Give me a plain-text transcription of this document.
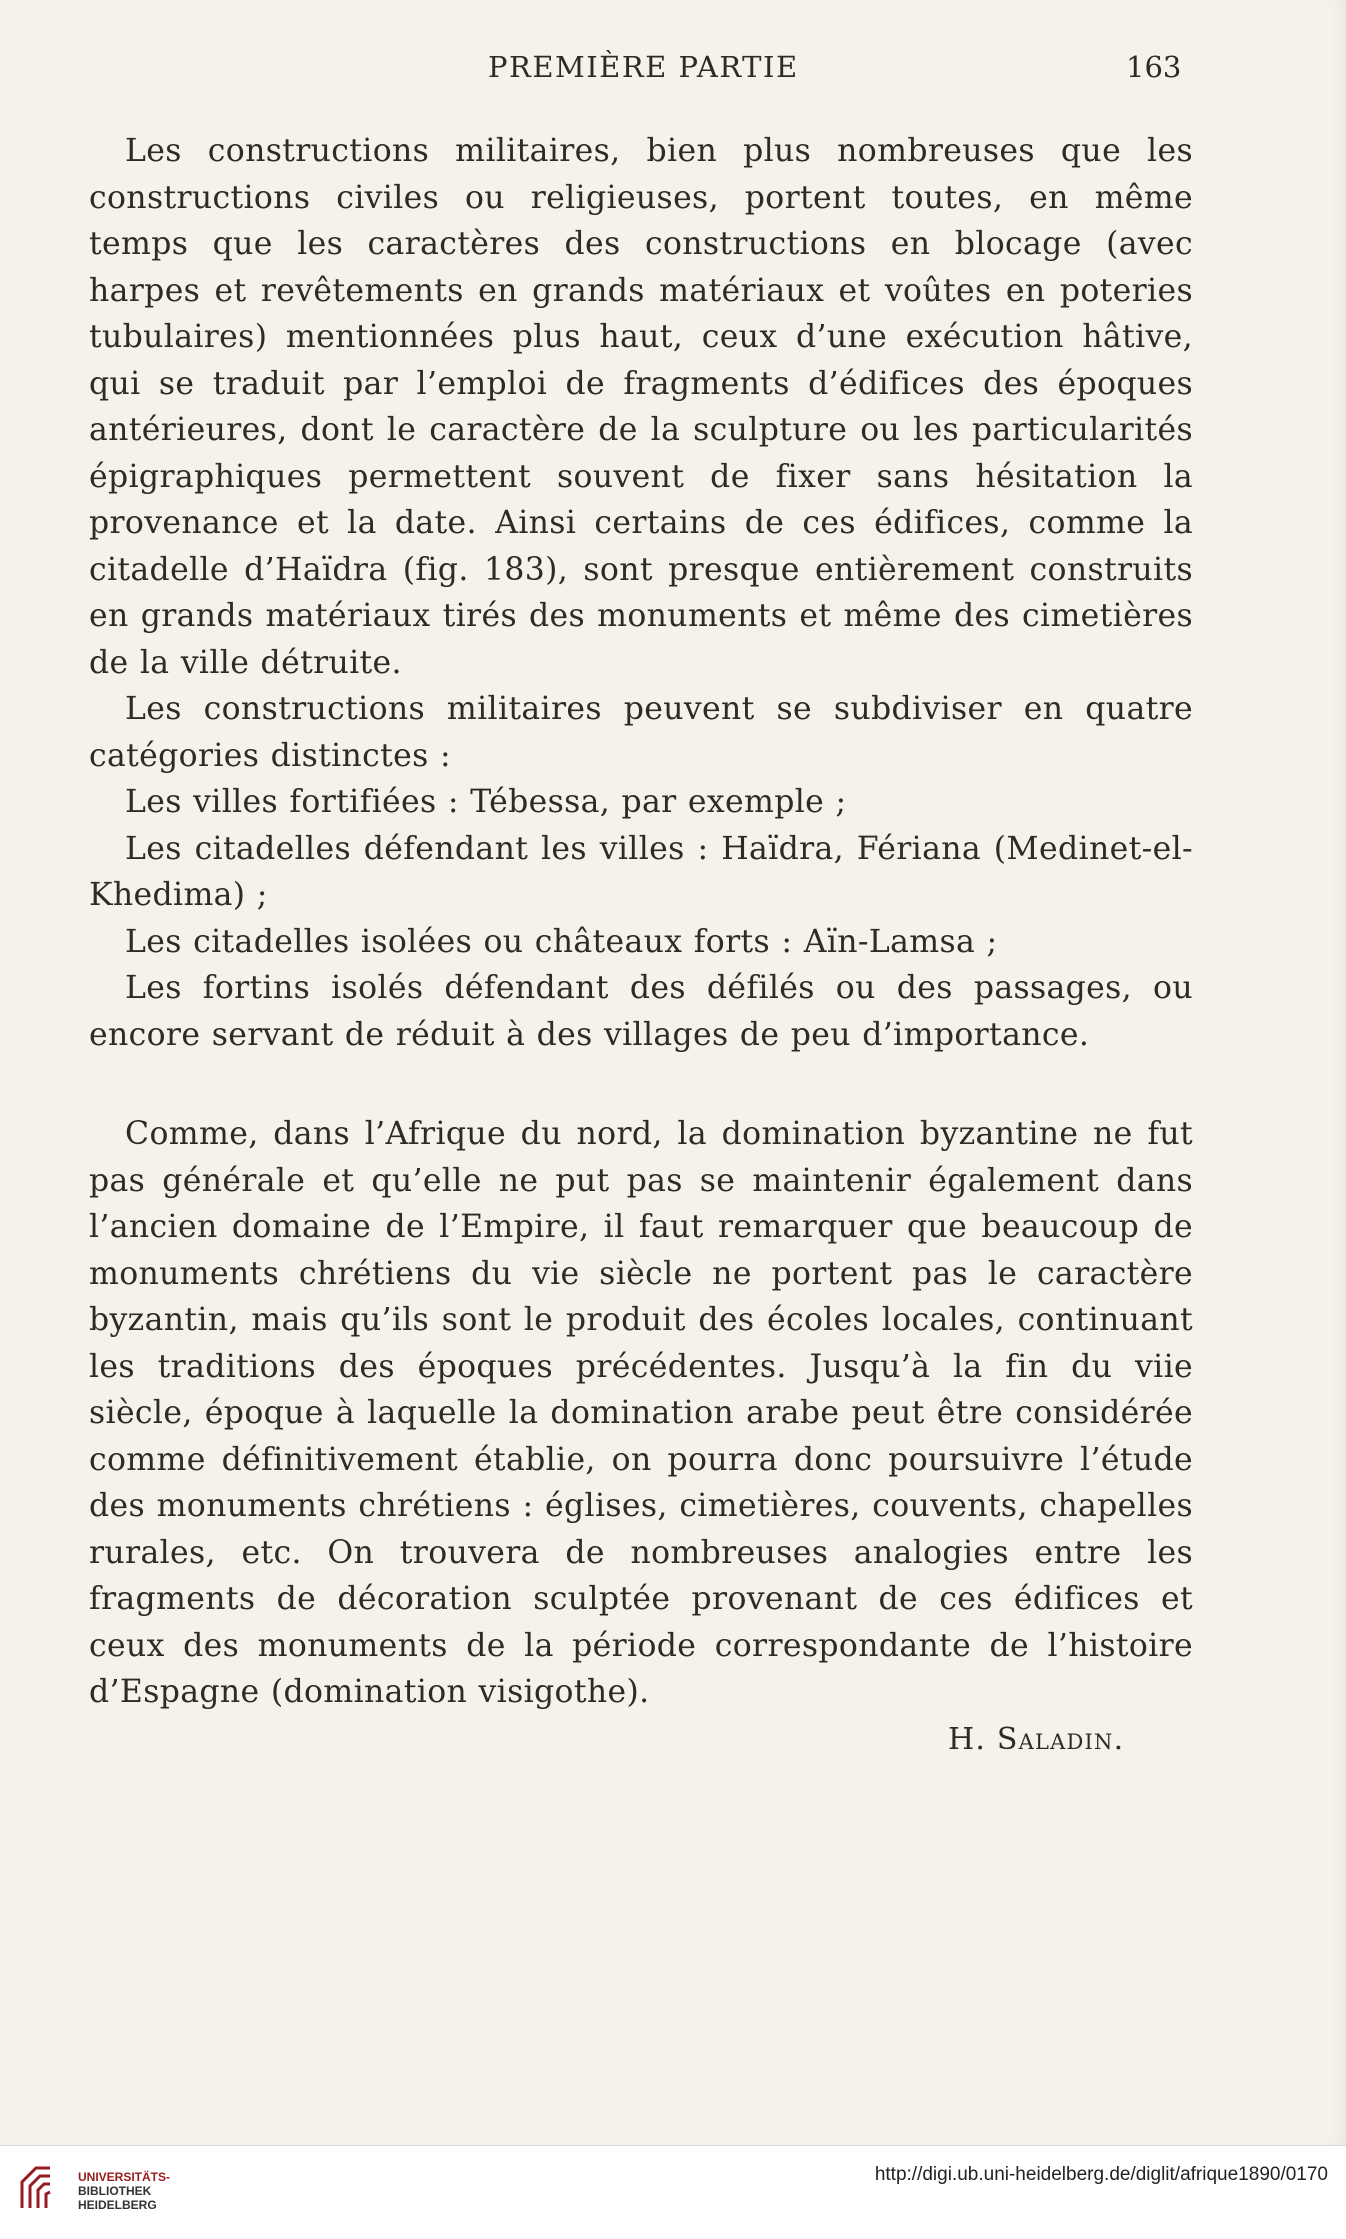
PREMIÈRE PARTIE	163

Les constructions militaires, bien plus nombreuses que les constructions civiles ou religieuses, portent toutes, en même temps que les caractères des constructions en blocage (avec harpes et revêtements en grands matériaux et voûtes en poteries tubulaires) mentionnées plus haut, ceux d’une exécution hâtive, qui se traduit par l’emploi de fragments d’édifices des époques antérieures, dont le caractère de la sculpture ou les particularités épigraphiques permettent souvent de fixer sans hésitation la provenance et la date. Ainsi certains de ces édifices, comme la citadelle d’Haïdra (fig. 183), sont presque entièrement construits en grands matériaux tirés des monuments et même des cimetières de la ville détruite.

Les constructions militaires peuvent se subdiviser en quatre catégories distinctes :

Les villes fortifiées : Tébessa, par exemple ;

Les citadelles défendant les villes : Haïdra, Fériana (Medinet-el-Khedima) ;

Les citadelles isolées ou châteaux forts : Aïn-Lamsa ;

Les fortins isolés défendant des défilés ou des passages, ou encore servant de réduit à des villages de peu d’importance.

Comme, dans l’Afrique du nord, la domination byzantine ne fut pas générale et qu’elle ne put pas se maintenir également dans l’ancien domaine de l’Empire, il faut remarquer que beaucoup de monuments chrétiens du vie siècle ne portent pas le caractère byzantin, mais qu’ils sont le produit des écoles locales, continuant les traditions des époques précédentes. Jusqu’à la fin du viie siècle, époque à laquelle la domination arabe peut être considérée comme définitivement établie, on pourra donc poursuivre l’étude des monuments chrétiens : églises, cimetières, couvents, chapelles rurales, etc. On trouvera de nombreuses analogies entre les fragments de décoration sculptée provenant de ces édifices et ceux des monuments de la période correspondante de l’histoire d’Espagne (domination visigothe).

H. Saladin.
UNIVERSITÄTS-
BIBLIOTHEK
HEIDELBERG
http://digi.ub.uni-heidelberg.de/diglit/afrique1890/0170
